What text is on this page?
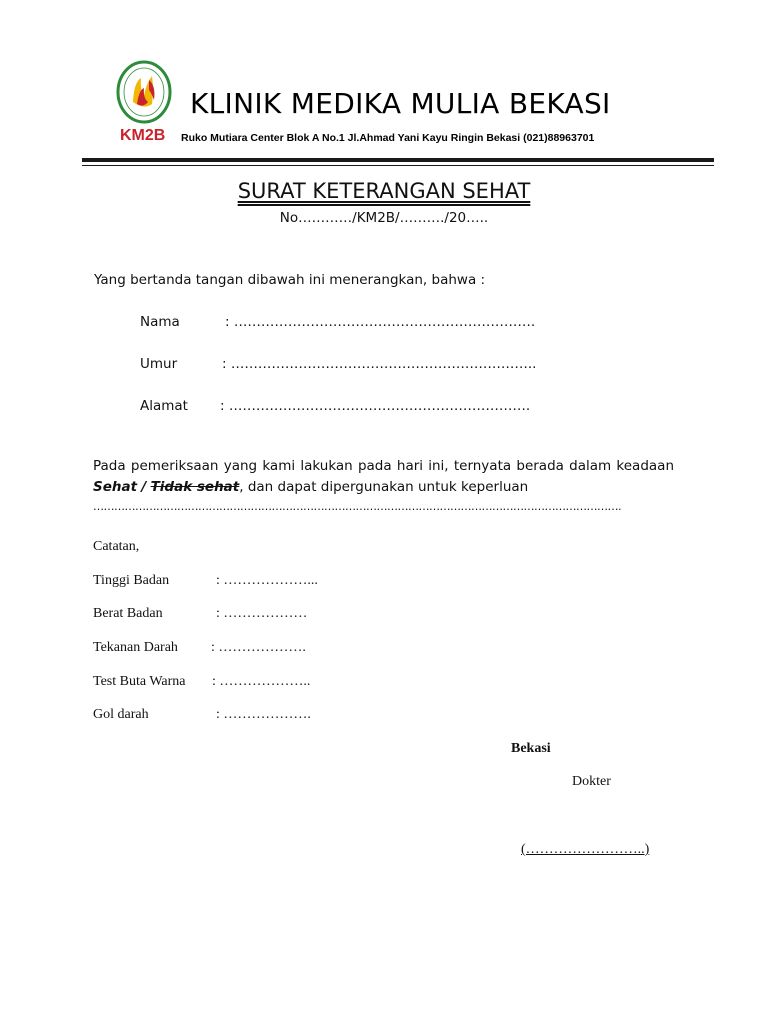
KM2B
KLINIK MEDIKA MULIA BEKASI
Ruko Mutiara Center Blok A No.1 Jl.Ahmad Yani Kayu Ringin Bekasi (021)88963701
SURAT KETERANGAN SEHAT
No…………/KM2B/………./20…..
Yang bertanda tangan dibawah ini menerangkan, bahwa :
Nama	: ………………………………………………………….
Umur	: …………………………………………………………..
Alamat : ………………………………………………………….
Pada pemeriksaan yang kami lakukan pada hari ini, ternyata berada dalam keadaan Sehat / Tidak sehat, dan dapat dipergunakan untuk keperluan
…………………………………………………………………………………………………………………………………….
Catatan,
Tinggi Badan	: ………………...
Berat Badan	: ………………
Tekanan Darah : ……………….
Test Buta Warna : ………………..
Gol darah	: ……………….
Bekasi
Dokter
(……………………..)
